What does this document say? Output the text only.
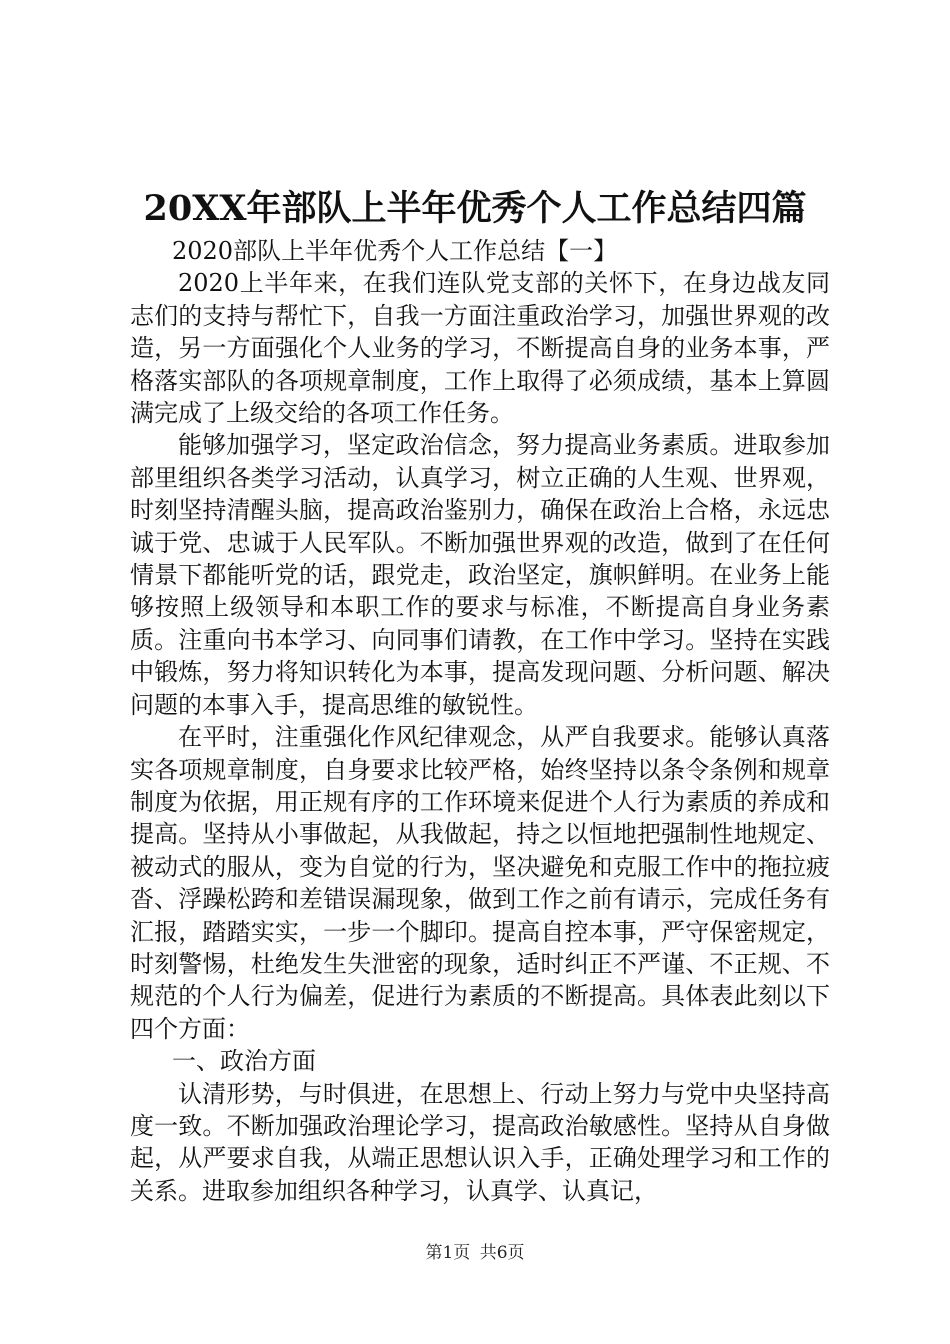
20XX年部队上半年优秀个人工作总结四篇

2020部队上半年优秀个人工作总结【一】

2020上半年来，在我们连队党支部的关怀下，在身边战友同志们的支持与帮忙下，自我一方面注重政治学习，加强世界观的改造，另一方面强化个人业务的学习，不断提高自身的业务本事，严格落实部队的各项规章制度，工作上取得了必须成绩，基本上算圆满完成了上级交给的各项工作任务。

能够加强学习，坚定政治信念，努力提高业务素质。进取参加部里组织各类学习活动，认真学习，树立正确的人生观、世界观，时刻坚持清醒头脑，提高政治鉴别力，确保在政治上合格，永远忠诚于党、忠诚于人民军队。不断加强世界观的改造，做到了在任何情景下都能听党的话，跟党走，政治坚定，旗帜鲜明。在业务上能够按照上级领导和本职工作的要求与标准，不断提高自身业务素质。注重向书本学习、向同事们请教，在工作中学习。坚持在实践中锻炼，努力将知识转化为本事，提高发现问题、分析问题、解决问题的本事入手，提高思维的敏锐性。

在平时，注重强化作风纪律观念，从严自我要求。能够认真落实各项规章制度，自身要求比较严格，始终坚持以条令条例和规章制度为依据，用正规有序的工作环境来促进个人行为素质的养成和提高。坚持从小事做起，从我做起，持之以恒地把强制性地规定、被动式的服从，变为自觉的行为，坚决避免和克服工作中的拖拉疲沓、浮躁松跨和差错误漏现象，做到工作之前有请示，完成任务有汇报，踏踏实实，一步一个脚印。提高自控本事，严守保密规定，时刻警惕，杜绝发生失泄密的现象，适时纠正不严谨、不正规、不规范的个人行为偏差，促进行为素质的不断提高。具体表此刻以下四个方面：

一、政治方面

认清形势，与时俱进，在思想上、行动上努力与党中央坚持高度一致。不断加强政治理论学习，提高政治敏感性。坚持从自身做起，从严要求自我，从端正思想认识入手，正确处理学习和工作的关系。进取参加组织各种学习，认真学、认真记，

第1页 共6页
